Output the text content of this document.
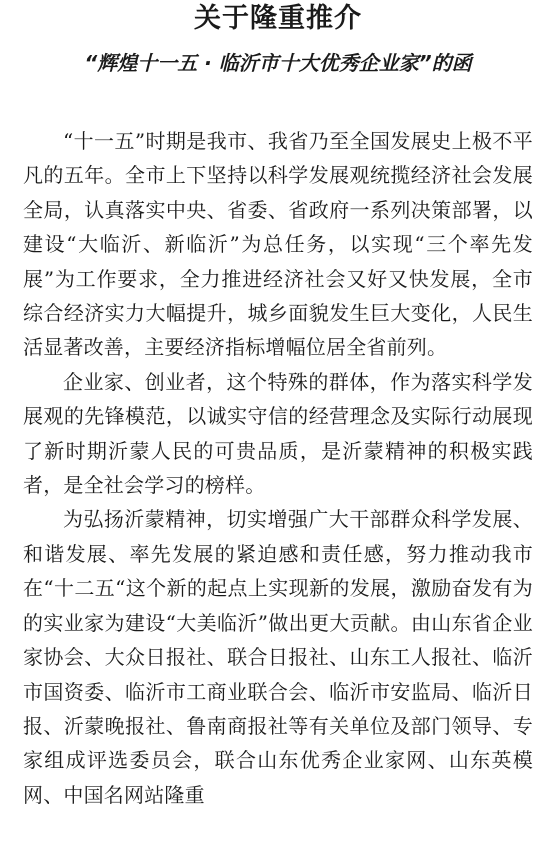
关于隆重推介
“辉煌十一五 · 临沂市十大优秀企业家”的函

“十一五”时期是我市、我省乃至全国发展史上极不平凡的五年。全市上下坚持以科学发展观统揽经济社会发展全局，认真落实中央、省委、省政府一系列决策部署，以建设“大临沂、新临沂”为总任务，以实现“三个率先发展”为工作要求，全力推进经济社会又好又快发展，全市综合经济实力大幅提升，城乡面貌发生巨大变化，人民生活显著改善，主要经济指标增幅位居全省前列。

企业家、创业者，这个特殊的群体，作为落实科学发展观的先锋模范，以诚实守信的经营理念及实际行动展现了新时期沂蒙人民的可贵品质，是沂蒙精神的积极实践者，是全社会学习的榜样。

为弘扬沂蒙精神，切实增强广大干部群众科学发展、和谐发展、率先发展的紧迫感和责任感，努力推动我市在“十二五“这个新的起点上实现新的发展，激励奋发有为的实业家为建设“大美临沂”做出更大贡献。由山东省企业家协会、大众日报社、联合日报社、山东工人报社、临沂市国资委、临沂市工商业联合会、临沂市安监局、临沂日报、沂蒙晚报社、鲁南商报社等有关单位及部门领导、专家组成评选委员会，联合山东优秀企业家网、山东英模网、中国名网站隆重
